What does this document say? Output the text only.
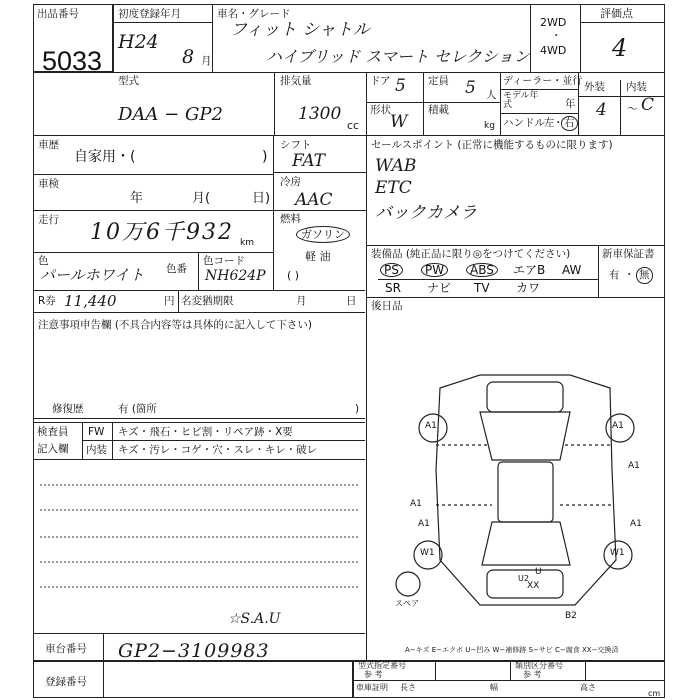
出品番号
5033
初度登録年月
H24
8 月
車名・グレード
フィット シャトル
ハイブリッド スマート セレクション
2WD
・
4WD
評価点
4
型式
DAA − GP2
排気量
1300
cc
ドア 5 定員 5 人
形状
W
積載
kg
ディーラー・並行
モデル年式	年
ハンドル 左
・ 右
外装 内装
4 〜 C
車歴
自家用・(	)
車検
年	月(	日)
走行 10万6千932 km
色
パールホワイト 色番
色コード
NH624P
R券 11,440	円 名変猶期限	月	日
注意事項申告欄 (不具合内容等は具体的に記入して下さい)
修復歴	有 (箇所	)
シフト
FAT
冷房
AAC
燃料
ガソリン
軽 油
( )
セールスポイント (正常に機能するものに限ります)
WAB
ETC
バックカメラ
装備品 (純正品に限り◎をつけてください)
PS	PW	ABS	エアB AW
SR ナビ TV カワ
新車保証書
有 ・ 無
後日品
検査員
記入欄
FW キズ・飛石・ヒビ割・リペア跡・X要
内装 キズ・汚レ・コゲ・穴・スレ・キレ・破レ
☆S.A.U
スペア
A1	A1
A1
A1
W1	W1
U
XX
U2
B2
A1
A1
A−キズ E−エクボ U−凹み W−補修跡 S−サビ C−腐食 XX−交換済
車台番号 GP2−3109983
登録番号
型式指定番号
参 考
類別区分番号
参 考
車庫証明 長さ	幅	高さ
cm
